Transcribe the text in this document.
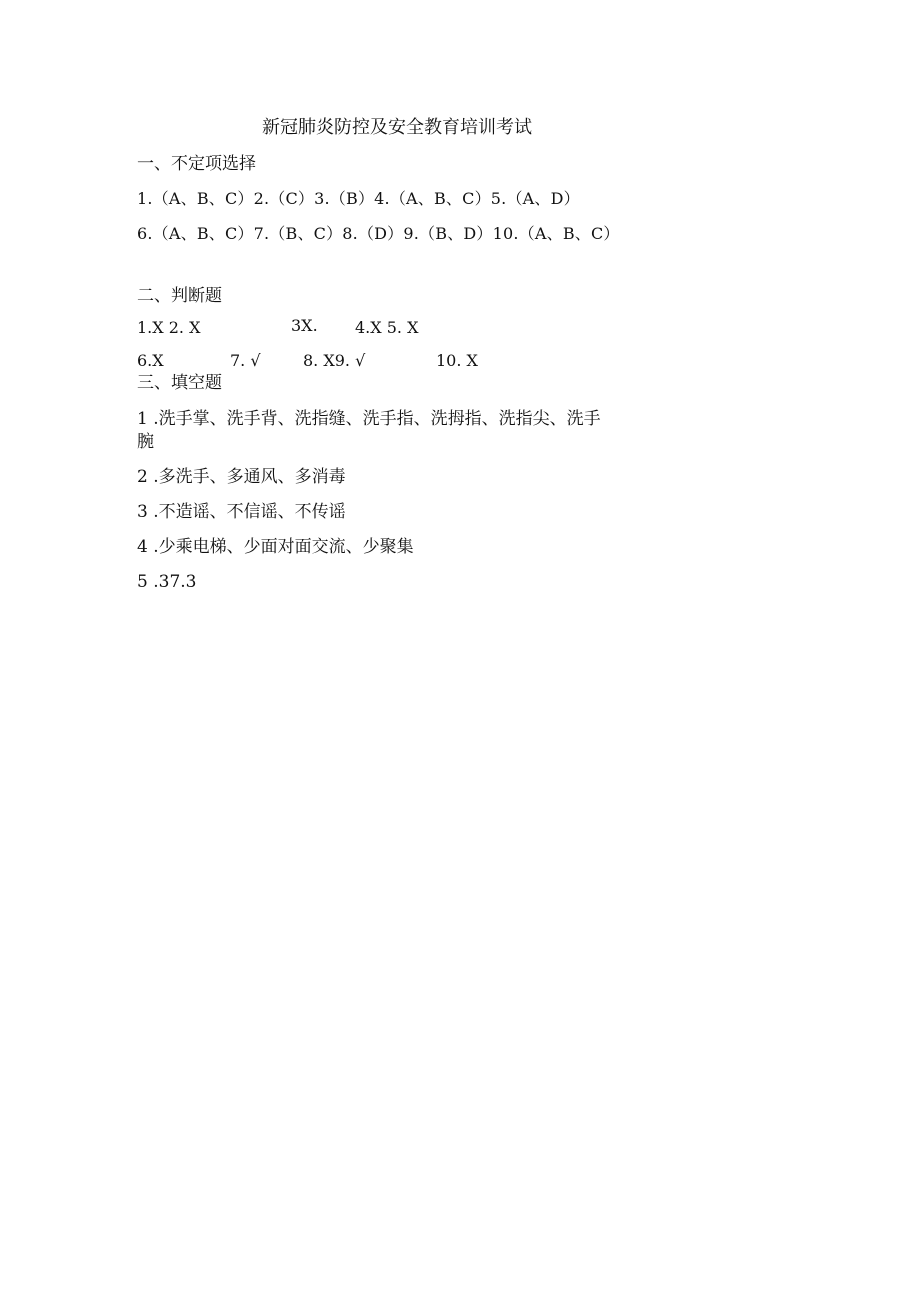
新冠肺炎防控及安全教育培训考试
一、不定项选择
1.（A、B、C）2.（C）3.（B）4.（A、B、C）5.（A、D）
6.（A、B、C）7.（B、C）8.（D）9.（B、D）10.（A、B、C）
二、判断题
1.X 2. X	3X. 4.X 5. X
6.X	7. √	8. X9. √	10. X
三、填空题
1 .洗手掌、洗手背、洗指缝、洗手指、洗拇指、洗指尖、洗手
腕
2 .多洗手、多通风、多消毒
3 .不造谣、不信谣、不传谣
4 .少乘电梯、少面对面交流、少聚集
5 .37.3
